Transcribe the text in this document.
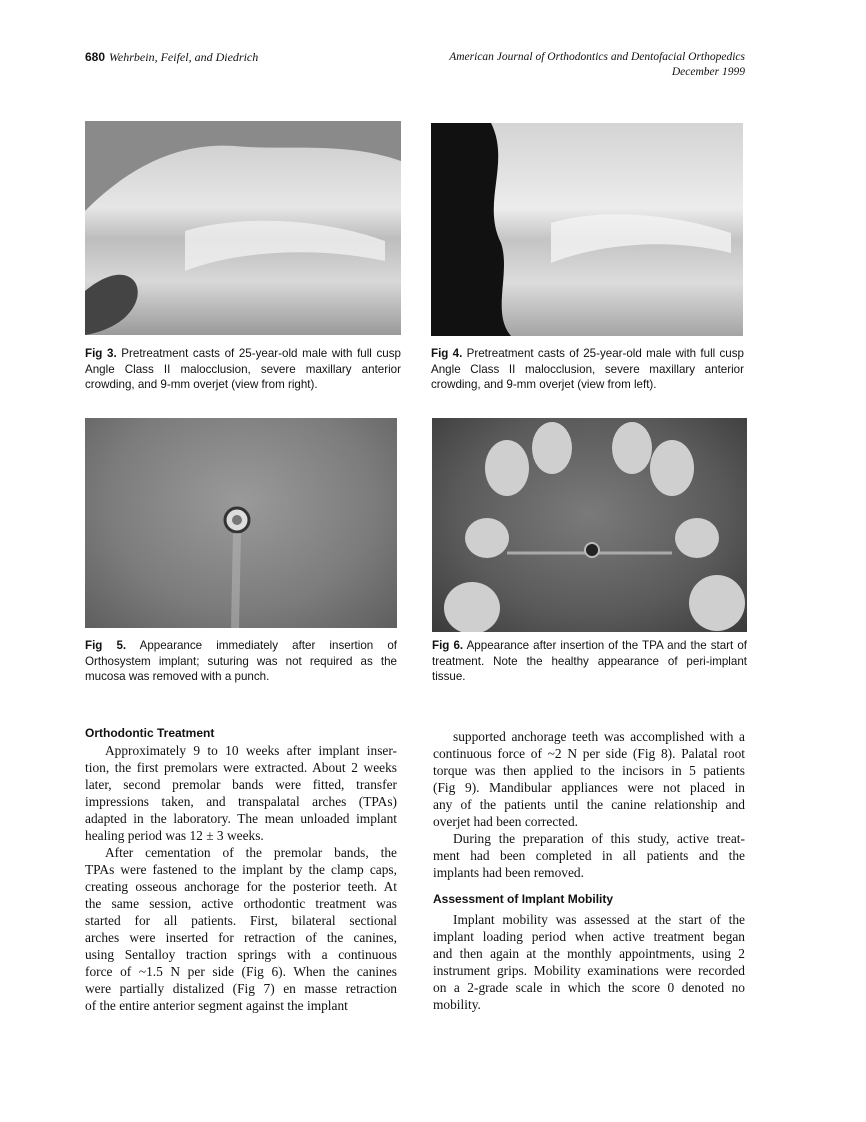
680 Wehrbein, Feifel, and Diedrich	American Journal of Orthodontics and Dentofacial Orthopedics
December 1999
Fig 3. Pretreatment casts of 25-year-old male with full cusp Angle Class II malocclusion, severe maxillary anterior crowding, and 9-mm overjet (view from right).
Fig 4. Pretreatment casts of 25-year-old male with full cusp Angle Class II malocclusion, severe maxillary anterior crowding, and 9-mm overjet (view from left).
Fig 5. Appearance immediately after insertion of Orthosystem implant; suturing was not required as the mucosa was removed with a punch.
Fig 6. Appearance after insertion of the TPA and the start of treatment. Note the healthy appearance of peri-implant tissue.
Orthodontic Treatment
Approximately 9 to 10 weeks after implant inser-
tion, the first premolars were extracted. About 2 weeks
later, second premolar bands were fitted, transfer
impressions taken, and transpalatal arches (TPAs)
adapted in the laboratory. The mean unloaded implant
healing period was 12 ± 3 weeks.
After cementation of the premolar bands, the
TPAs were fastened to the implant by the clamp caps,
creating osseous anchorage for the posterior teeth. At
the same session, active orthodontic treatment was
started for all patients. First, bilateral sectional
arches were inserted for retraction of the canines,
using Sentalloy traction springs with a continuous
force of ~1.5 N per side (Fig 6). When the canines
were partially distalized (Fig 7) en masse retraction
of the entire anterior segment against the implant
supported anchorage teeth was accomplished with a
continuous force of ~2 N per side (Fig 8). Palatal root
torque was then applied to the incisors in 5 patients
(Fig 9). Mandibular appliances were not placed in
any of the patients until the canine relationship and
overjet had been corrected.
During the preparation of this study, active treat-
ment had been completed in all patients and the
implants had been removed.
Assessment of Implant Mobility
Implant mobility was assessed at the start of the
implant loading period when active treatment began
and then again at the monthly appointments, using 2
instrument grips. Mobility examinations were recorded
on a 2-grade scale in which the score 0 denoted no
mobility.
